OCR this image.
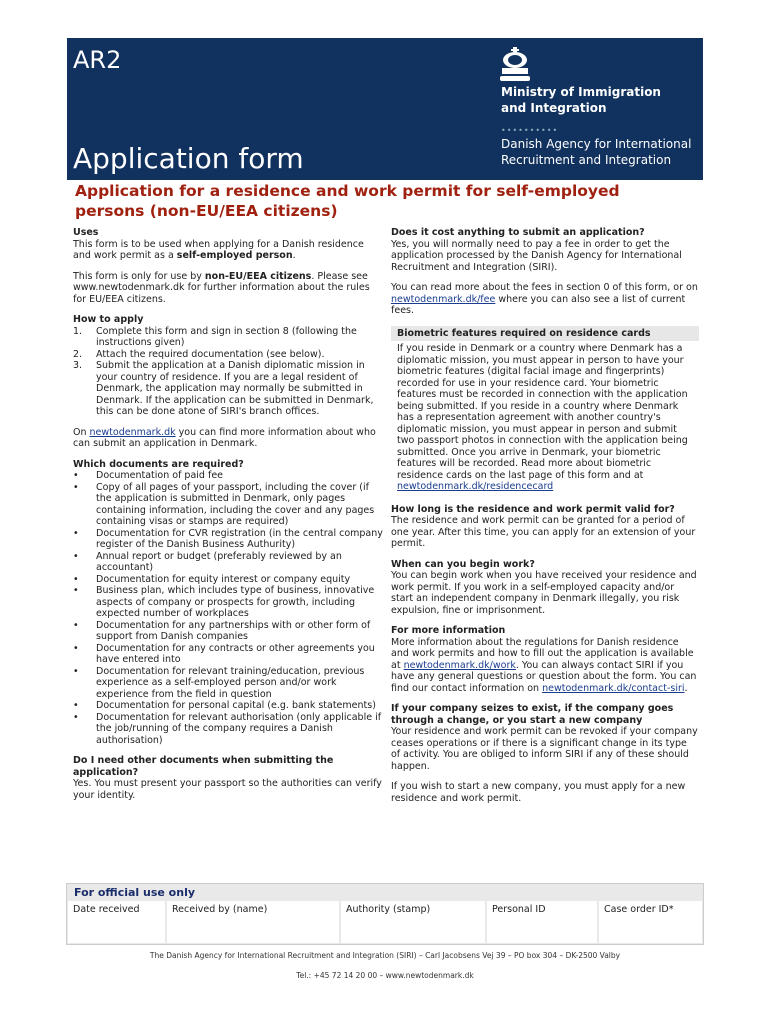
AR2
Application form
Ministry of Immigration
and Integration
••••••••••
Danish Agency for International
Recruitment and Integration
Application for a residence and work permit for self-employed
persons (non-EU/EEA citizens)
Uses

This form is to be used when applying for a Danish residence and work permit as a self-employed person.

This form is only for use by non-EU/EEA citizens. Please see www.newtodenmark.dk for further information about the rules for EU/EEA citizens.

How to apply
1.	Complete this form and sign in section 8 (following the instructions given)
2.	Attach the required documentation (see below).
3.	Submit the application at a Danish diplomatic mission in your country of residence. If you are a legal resident of Denmark, the application may normally be submitted in Denmark. If the application can be submitted in Denmark, this can be done atone of SIRI's branch offices.

On newtodenmark.dk you can find more information about who can submit an application in Denmark.

Which documents are required?
•	Documentation of paid fee
•	Copy of all pages of your passport, including the cover (if the application is submitted in Denmark, only pages containing information, including the cover and any pages containing visas or stamps are required)
•	Documentation for CVR registration (in the central company register of the Danish Business Authurity)
•	Annual report or budget (preferably reviewed by an accountant)
•	Documentation for equity interest or company equity
•	Business plan, which includes type of business, innovative aspects of company or prospects for growth, including expected number of workplaces
•	Documentation for any partnerships with or other form of support from Danish companies
•	Documentation for any contracts or other agreements you have entered into
•	Documentation for relevant training/education, previous experience as a self-employed person and/or work experience from the field in question
•	Documentation for personal capital (e.g. bank statements)
•	Documentation for relevant authorisation (only applicable if the job/running of the company requires a Danish authorisation)
Do I need other documents when submitting the application?

Yes. You must present your passport so the authorities can verify your identity.

Does it cost anything to submit an application?

Yes, you will normally need to pay a fee in order to get the application processed by the Danish Agency for International Recruitment and Integration (SIRI).

You can read more about the fees in section 0 of this form, or on newtodenmark.dk/fee where you can also see a list of current fees.

Biometric features required on residence cards
If you reside in Denmark or a country where Denmark has a diplomatic mission, you must appear in person to have your biometric features (digital facial image and fingerprints) recorded for use in your residence card. Your biometric features must be recorded in connection with the application being submitted. If you reside in a country where Denmark has a representation agreement with another country's diplomatic mission, you must appear in person and submit two passport photos in connection with the application being submitted. Once you arrive in Denmark, your biometric features will be recorded. Read more about biometric residence cards on the last page of this form and at
newtodenmark.dk/residencecard
How long is the residence and work permit valid for?

The residence and work permit can be granted for a period of one year. After this time, you can apply for an extension of your permit.

When can you begin work?

You can begin work when you have received your residence and work permit. If you work in a self-employed capacity and/or start an independent company in Denmark illegally, you risk expulsion, fine or imprisonment.

For more information

More information about the regulations for Danish residence and work permits and how to fill out the application is available at newtodenmark.dk/work. You can always contact SIRI if you have any general questions or question about the form. You can find our contact information on newtodenmark.dk/contact-siri.

If your company seizes to exist, if the company goes through a change, or you start a new company

Your residence and work permit can be revoked if your company ceases operations or if there is a significant change in its type of activity. You are obliged to inform SIRI if any of these should happen.

If you wish to start a new company, you must apply for a new residence and work permit.

For official use only
Date received	Received by (name)	Authority (stamp)	Personal ID	Case order ID*
The Danish Agency for International Recruitment and Integration (SIRI) – Carl Jacobsens Vej 39 – PO box 304 – DK-2500 Valby
Tel.: +45 72 14 20 00 – www.newtodenmark.dk
